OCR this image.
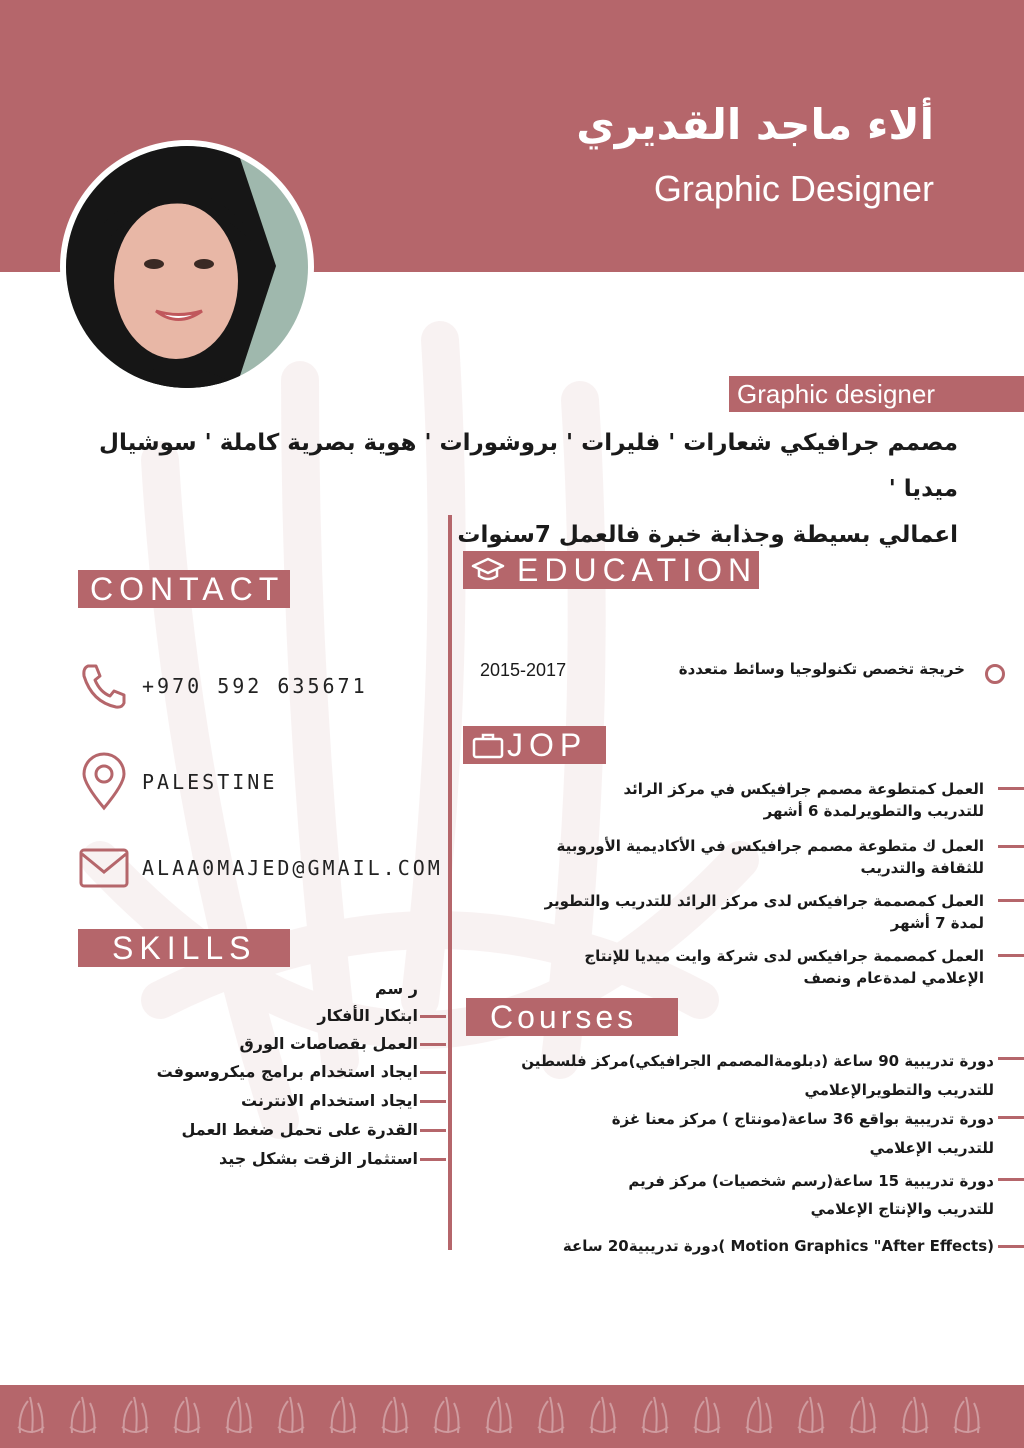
ألاء ماجد القديري
Graphic Designer
Graphic designer
مصمم جرافيكي شعارات ' فليرات ' بروشورات ' هوية بصرية كاملة ' سوشيال ميديا '
اعمالي بسيطة وجذابة خبرة فالعمل 7سنوات
CONTACT
+970 592 635671
PALESTINE
ALAA0MAJED@GMAIL.COM
SKILLS
ر سم
ابتكار الأفكار
العمل بقصاصات الورق
ايجاد استخدام برامج ميكروسوفت
ايجاد استخدام الانترنت
القدرة على تحمل ضغط العمل
استثمار الزقت بشكل جيد
EDUCATION
2015-2017	خريجة تخصص تكنولوجيا وسائط متعددة
JOP
العمل كمتطوعة مصمم جرافيكس في مركز الرائد
للتدريب والتطويرلمدة 6 أشهر
العمل ك متطوعة مصمم جرافيكس في الأكاديمية الأوروبية
للثقافة والتدريب
العمل كمصممة جرافيكس لدى مركز الرائد للتدريب والتطوير
لمدة 7 أشهر
العمل كمصممة جرافيكس لدى شركة وايت ميديا للإنتاج
الإعلامي لمدةعام ونصف
Courses
دورة تدريبية 90 ساعة (دبلومةالمصمم الجرافيكي)مركز فلسطين
للتدريب والتطويرالإعلامي
دورة تدريبية بواقع 36 ساعة(مونتاج ) مركز معنا غزة
للتدريب الإعلامي
دورة تدريبية 15 ساعة(رسم شخصيات) مركز فريم
للتدريب والإنتاج الإعلامي
دورة تدريبية20 ساعة( Motion Graphics "After Effects)
